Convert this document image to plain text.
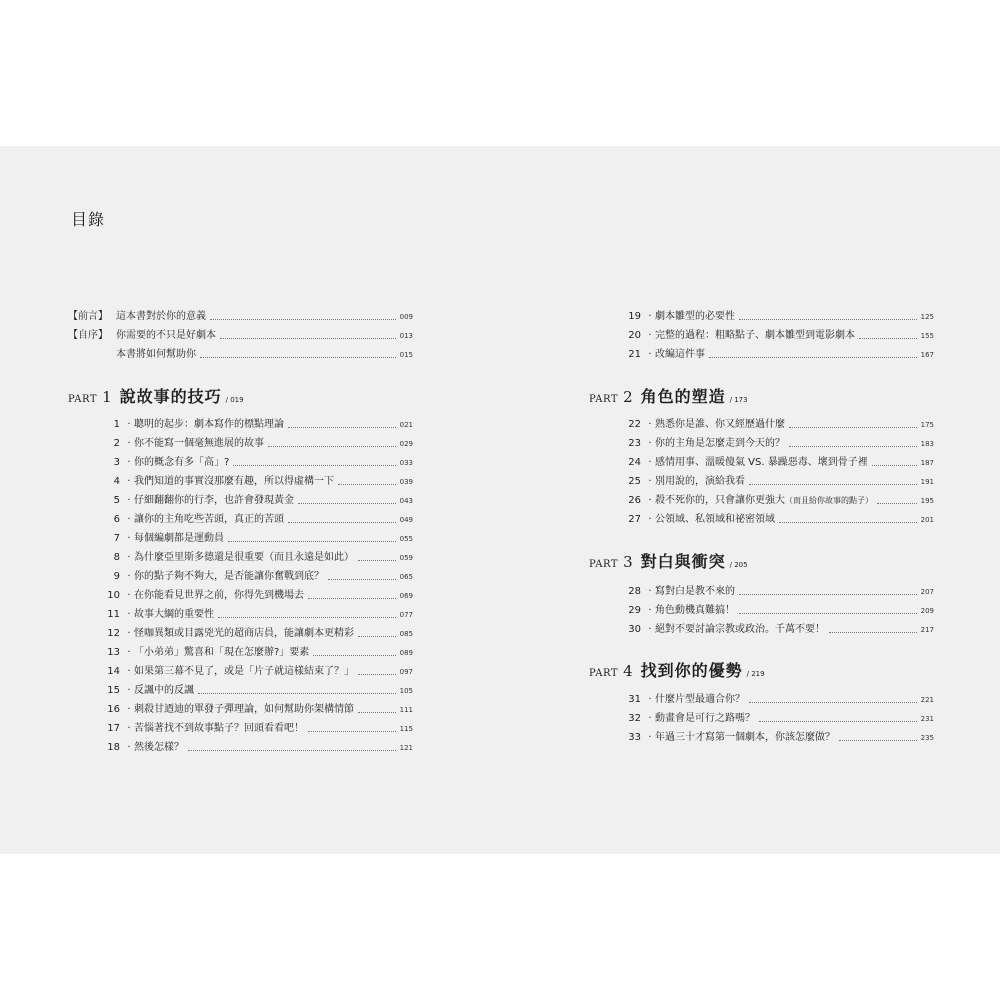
目錄
【前言】 這本書對於你的意義	009
【自序】 你需要的不只是好劇本	013
本書將如何幫助你	015
PART 1 說故事的技巧 / 019
1 · 聰明的起步：劇本寫作的標點理論	021
2 · 你不能寫一個毫無進展的故事	029
3 · 你的概念有多「高」?	033
4 · 我們知道的事實沒那麼有趣，所以得虛構一下	039
5 · 仔細翻翻你的行李，也許會發現黃金	043
6 · 讓你的主角吃些苦頭，真正的苦頭	049
7 · 每個編劇都是運動員	055
8 · 為什麼亞里斯多德還是很重要（而且永遠是如此）	059
9 · 你的點子夠不夠大，是否能讓你奮戰到底？	065
10 · 在你能看見世界之前，你得先到機場去	069
11 · 故事大綱的重要性	077
12 · 怪咖異類或目露兇光的超商店員，能讓劇本更精彩	085
13 · 「小弟弟」驚喜和「現在怎麼辦?」要素	089
14 · 如果第三幕不見了，或是「片子就這樣結束了？」	097
15 · 反諷中的反諷	105
16 · 刺殺甘迺迪的單發子彈理論，如何幫助你架構情節	111
17 · 苦惱著找不到故事點子？回頭看看吧！	115
18 · 然後怎樣？	121
19 · 劇本雛型的必要性	125
20 · 完整的過程：粗略點子、劇本雛型到電影劇本	155
21 · 改編這件事	167
PART 2 角色的塑造 / 173
22 · 熟悉你是誰、你又經歷過什麼	175
23 · 你的主角是怎麼走到今天的？	183
24 · 感情用事、溫暖傻氣 VS. 暴躁惡毒、壞到骨子裡	187
25 · 別用說的，演給我看	191
26 · 殺不死你的，只會讓你更強大 （而且給你故事的點子）	195
27 · 公領域、私領域和祕密領域	201
PART 3 對白與衝突 / 205
28 · 寫對白是教不來的	207
29 · 角色動機真難搞！	209
30 · 絕對不要討論宗教或政治。千萬不要！	217
PART 4 找到你的優勢 / 219
31 · 什麼片型最適合你？	221
32 · 動畫會是可行之路嗎？	231
33 · 年過三十才寫第一個劇本，你該怎麼做？	235
